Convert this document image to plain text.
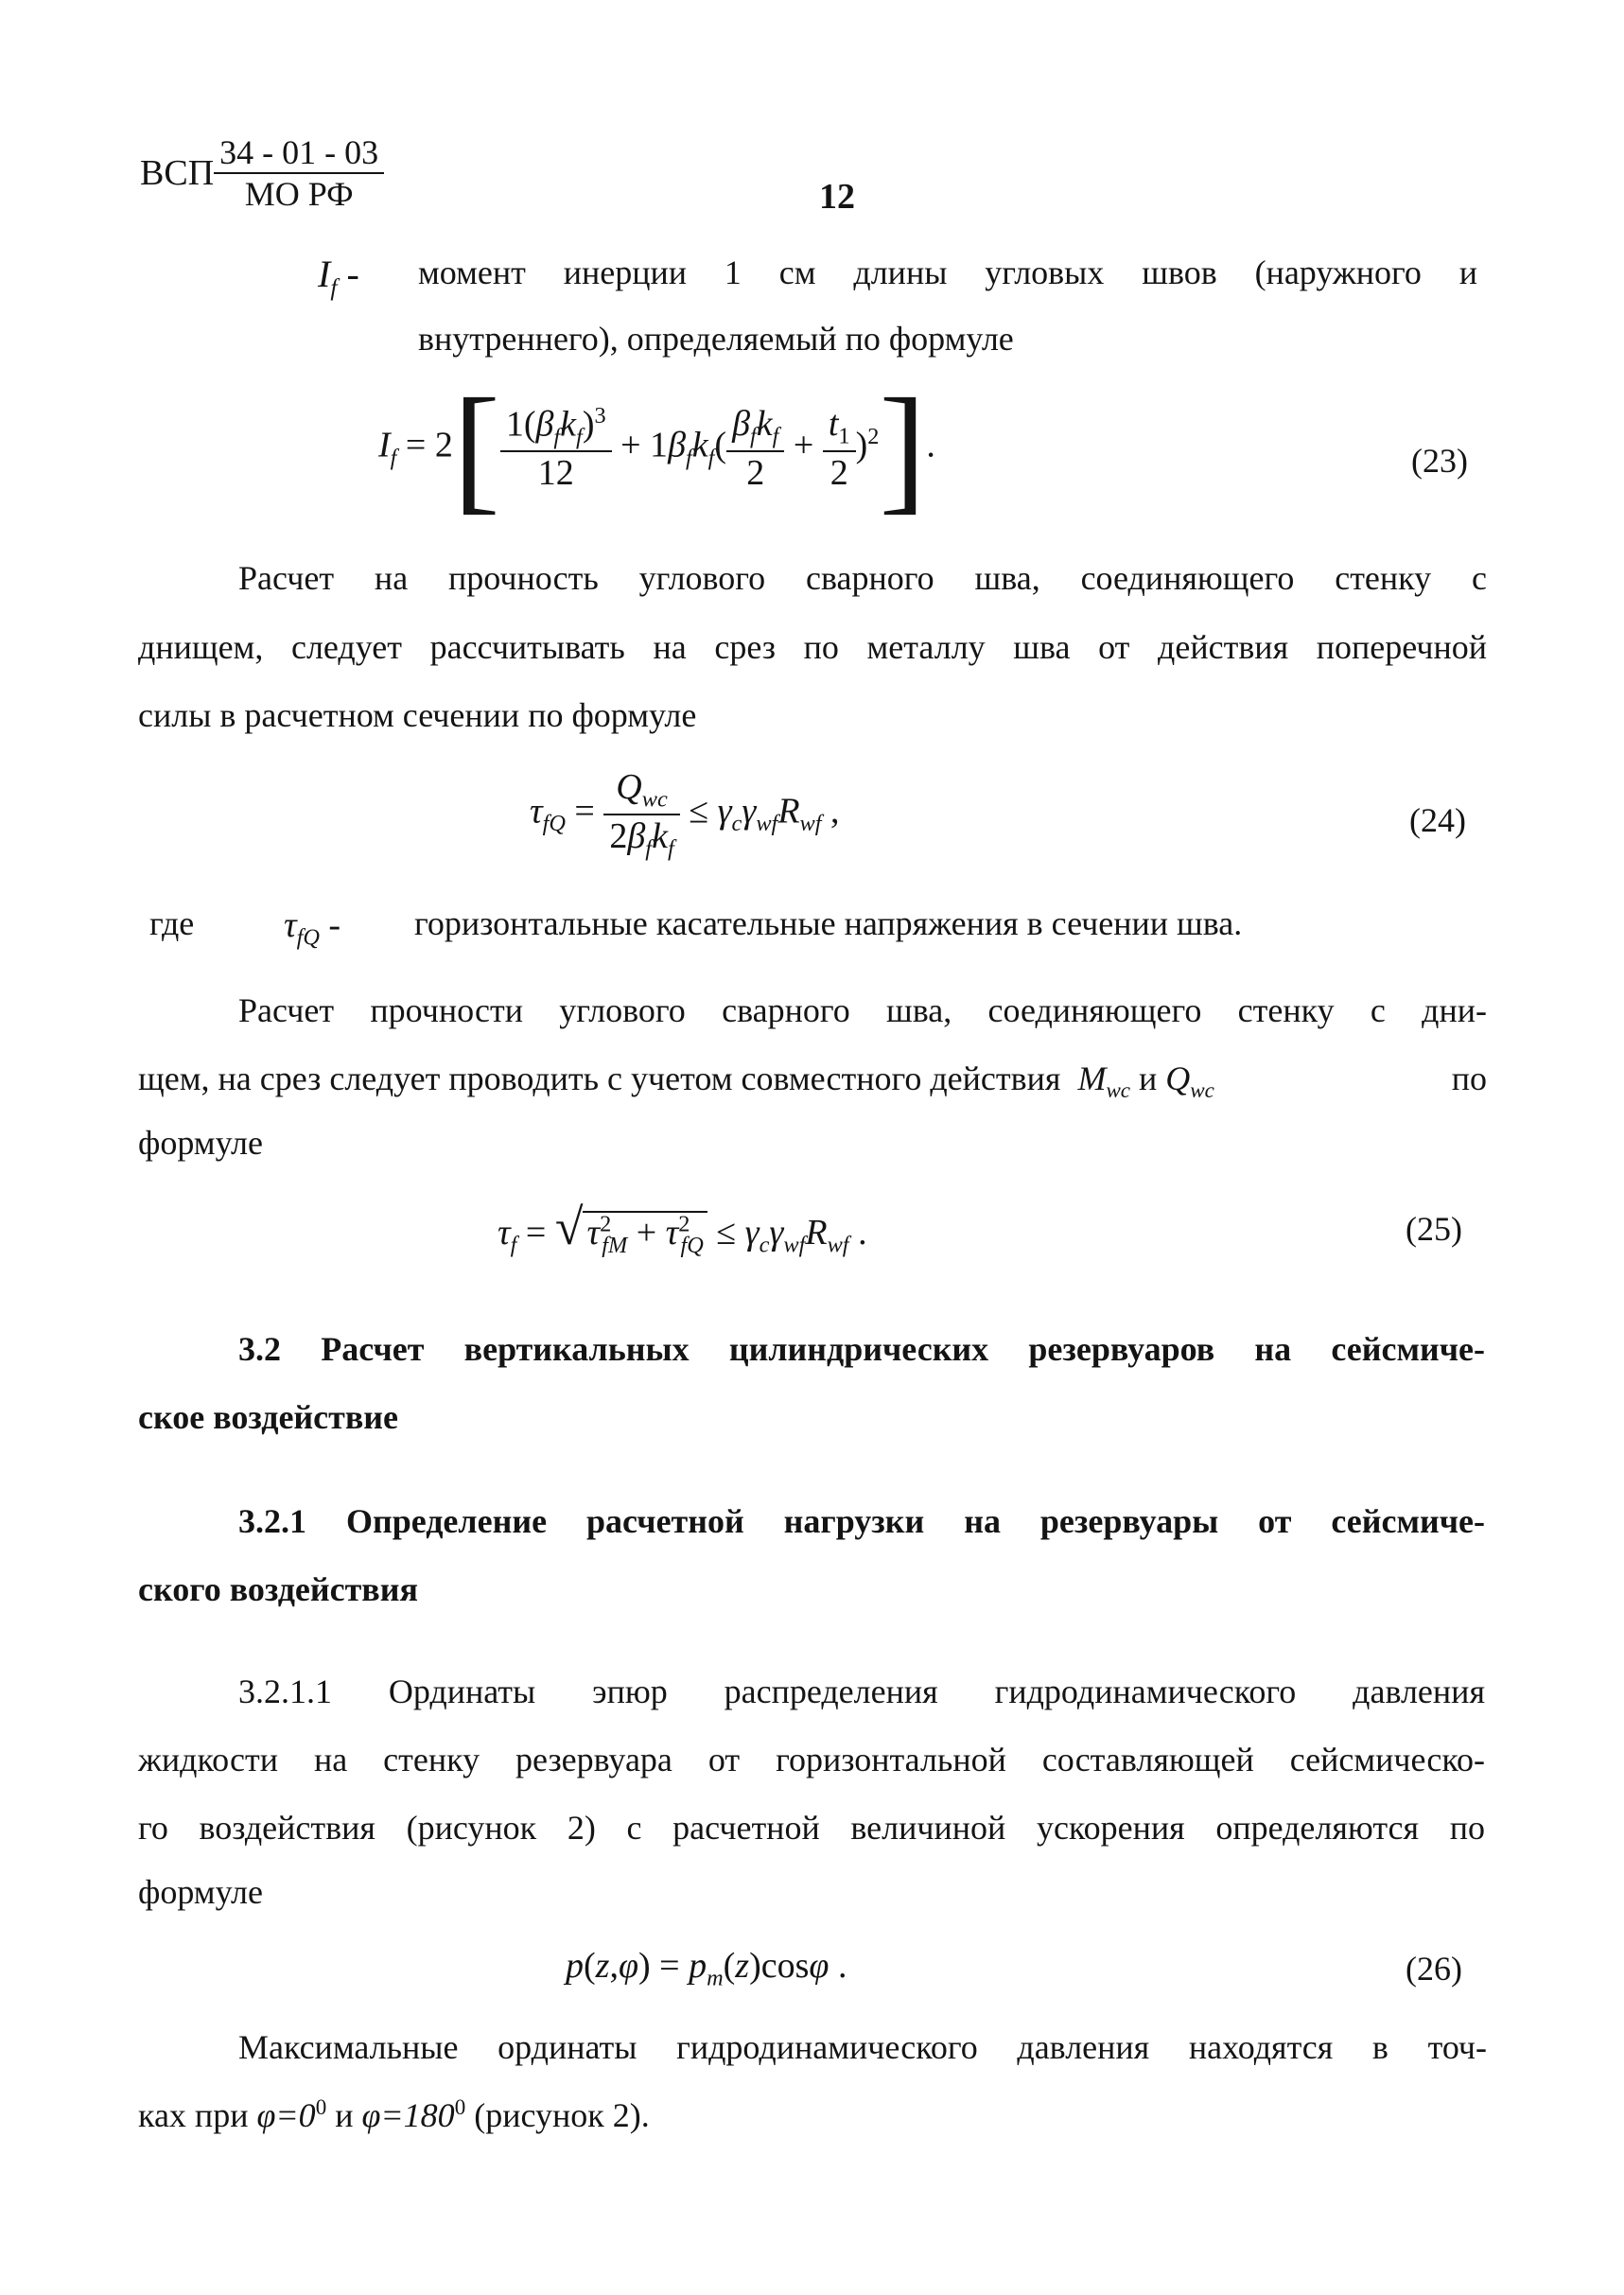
ВСП $\frac{34 - 01 - 03}{\text{МО РФ}}$	12
$I_f$ - момент инерции 1 см длины угловых швов (наружного и
внутреннего), определяемый по формуле
$I_f = 2[ \frac{1(\beta_fk_f)^3}{12} + 1\beta_fk_f( \frac{\beta_fk_f}{2} + \frac{t_1}{2} )^2]$.	(23)
Расчет на прочность углового сварного шва, соединяющего стенку с
днищем, следует рассчитывать на срез по металлу шва от действия поперечной
силы в расчетном сечении по формуле
$\tau_{fQ} = \frac{Q_{wc}}{2\beta_fk_f} \le \gamma_c\gamma_{wf}R_{wf}$ ,	(24)
где $\tau_{fQ}$ - горизонтальные касательные напряжения в сечении шва.
Расчет прочности углового сварного шва, соединяющего стенку с дни-
щем, на срез следует проводить с учетом совместного действия  $M_{wc}$ и $Q_{wc}$	по
формуле
$\tau_f$ = √ $\tau^2_{fM} + \tau^2_{fQ} \le \gamma_c\gamma_{wf}R_{wf}$ .	(25)
3.2 Расчет вертикальных цилиндрических резервуаров на сейсмиче-
ское воздействие
3.2.1 Определение расчетной нагрузки на резервуары от сейсмиче-
ского воздействия
3.2.1.1 Ординаты эпюр распределения гидродинамического давления
жидкости на стенку резервуара от горизонтальной составляющей сейсмическо-
го воздействия (рисунок 2) с расчетной величиной ускорения определяются по
формуле
$p(z,\varphi) = p_m(z)\cos\varphi$ .	(26)
Максимальные ординаты гидродинамического давления находятся в точ-
ках при $\varphi=0^0$ и $\varphi=180^0$ (рисунок 2).
